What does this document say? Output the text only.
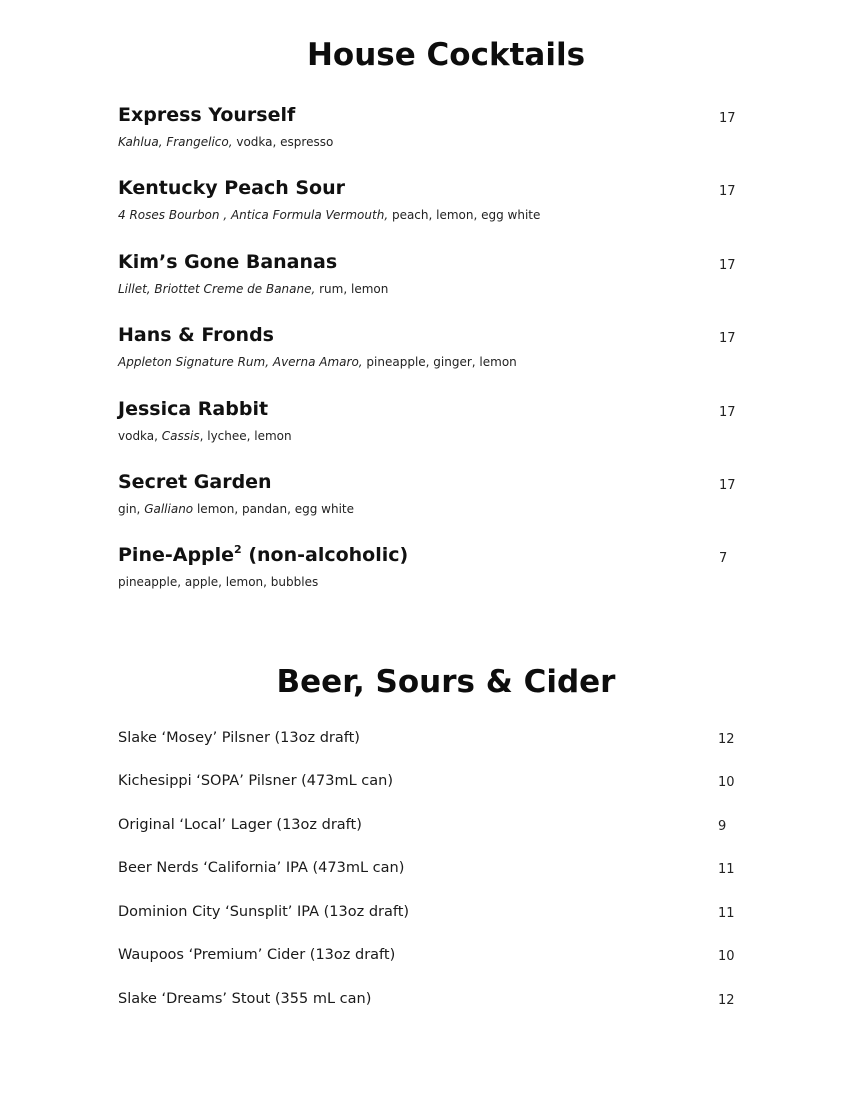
House Cocktails
Express Yourself
Kahlua, Frangelico, vodka, espresso
17
Kentucky Peach Sour
4 Roses Bourbon , Antica Formula Vermouth, peach, lemon, egg white
17
Kim’s Gone Bananas
Lillet, Briottet Creme de Banane, rum, lemon
17
Hans & Fronds
Appleton Signature Rum, Averna Amaro, pineapple, ginger, lemon
17
Jessica Rabbit
vodka, Cassis, lychee, lemon
17
Secret Garden
gin, Galliano lemon, pandan, egg white
17
Pine-Apple$^2$ (non-alcoholic)
pineapple, apple, lemon, bubbles
7
Beer, Sours & Cider
Slake ‘Mosey’ Pilsner (13oz draft)	12
Kichesippi ‘SOPA’ Pilsner (473mL can)	10
Original ‘Local’ Lager (13oz draft)	9
Beer Nerds ‘California’ IPA (473mL can)	11
Dominion City ‘Sunsplit’ IPA (13oz draft)	11
Waupoos ‘Premium’ Cider (13oz draft)	10
Slake ‘Dreams’ Stout (355 mL can)	12
